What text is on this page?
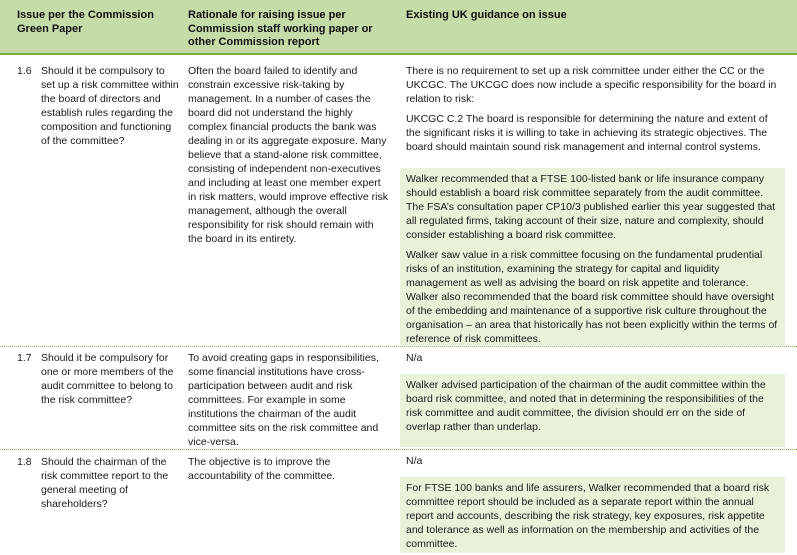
Issue per the Commission Green Paper
Rationale for raising issue per Commission staff working paper or other Commission report
Existing UK guidance on issue
1.6 Should it be compulsory to set up a risk committee within the board of directors and establish rules regarding the composition and functioning of the committee?
Often the board failed to identify and constrain excessive risk-taking by management. In a number of cases the board did not understand the highly complex financial products the bank was dealing in or its aggregate exposure. Many believe that a stand-alone risk committee, consisting of independent non-executives and including at least one member expert in risk matters, would improve effective risk management, although the overall responsibility for risk should remain with the board in its entirety.

There is no requirement to set up a risk committee under either the CC or the UKCGC. The UKCGC does now include a specific responsibility for the board in relation to risk:

UKCGC C.2 The board is responsible for determining the nature and extent of the significant risks it is willing to take in achieving its strategic objectives. The board should maintain sound risk management and internal control systems.

Walker recommended that a FTSE 100-listed bank or life insurance company should establish a board risk committee separately from the audit committee. The FSA’s consultation paper CP10/3 published earlier this year suggested that all regulated firms, taking account of their size, nature and complexity, should consider establishing a board risk committee.

Walker saw value in a risk committee focusing on the fundamental prudential risks of an institution, examining the strategy for capital and liquidity management as well as advising the board on risk appetite and tolerance. Walker also recommended that the board risk committee should have oversight of the embedding and maintenance of a supportive risk culture throughout the organisation – an area that historically has not been explicitly within the terms of reference of risk committees.

1.7 Should it be compulsory for one or more members of the audit committee to belong to the risk committee?
To avoid creating gaps in responsibilities, some financial institutions have cross-participation between audit and risk committees. For example in some institutions the chairman of the audit committee sits on the risk committee and vice-versa.

N/a

Walker advised participation of the chairman of the audit committee within the board risk committee, and noted that in determining the responsibilities of the risk committee and audit committee, the division should err on the side of overlap rather than underlap.

1.8 Should the chairman of the risk committee report to the general meeting of shareholders?
The objective is to improve the accountability of the committee.

N/a

For FTSE 100 banks and life assurers, Walker recommended that a board risk committee report should be included as a separate report within the annual report and accounts, describing the risk strategy, key exposures, risk appetite and tolerance as well as information on the membership and activities of the committee.
